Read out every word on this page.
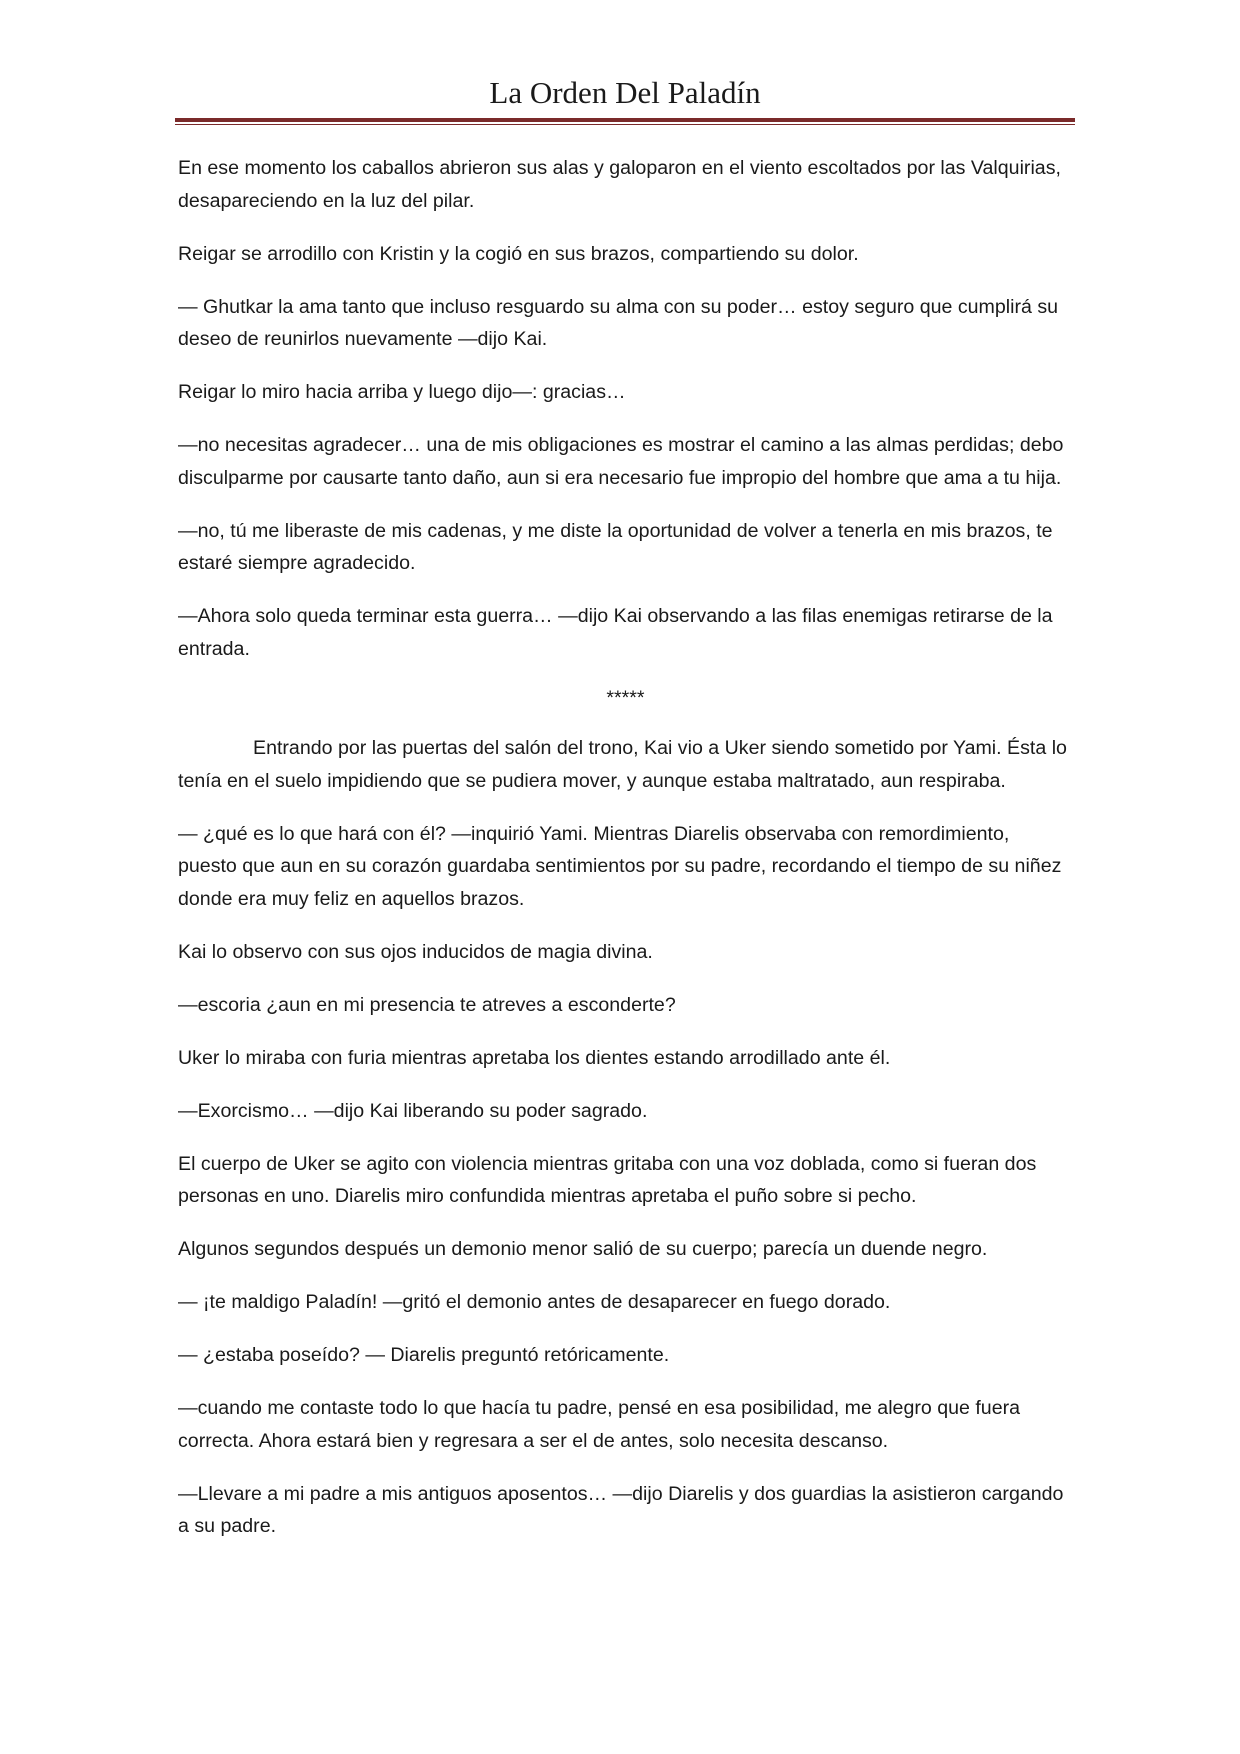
La Orden Del Paladín

En ese momento los caballos abrieron sus alas y galoparon en el viento escoltados por las Valquirias, desapareciendo en la luz del pilar.

Reigar se arrodillo con Kristin y la cogió en sus brazos, compartiendo su dolor.

— Ghutkar la ama tanto que incluso resguardo su alma con su poder… estoy seguro que cumplirá su deseo de reunirlos nuevamente —dijo Kai.

Reigar lo miro hacia arriba y luego dijo—: gracias…

—no necesitas agradecer… una de mis obligaciones es mostrar el camino a las almas perdidas; debo disculparme por causarte tanto daño, aun si era necesario fue impropio del hombre que ama a tu hija.

—no, tú me liberaste de mis cadenas, y me diste la oportunidad de volver a tenerla en mis brazos, te estaré siempre agradecido.

—Ahora solo queda terminar esta guerra… —dijo Kai observando a las filas enemigas retirarse de la entrada.

*****

Entrando por las puertas del salón del trono, Kai vio a Uker siendo sometido por Yami. Ésta lo tenía en el suelo impidiendo que se pudiera mover, y aunque estaba maltratado, aun respiraba.

— ¿qué es lo que hará con él? —inquirió Yami. Mientras Diarelis observaba con remordimiento, puesto que aun en su corazón guardaba sentimientos por su padre, recordando el tiempo de su niñez donde era muy feliz en aquellos brazos.

Kai lo observo con sus ojos inducidos de magia divina.

—escoria ¿aun en mi presencia te atreves a esconderte?

Uker lo miraba con furia mientras apretaba los dientes estando arrodillado ante él.

—Exorcismo… —dijo Kai liberando su poder sagrado.

El cuerpo de Uker se agito con violencia mientras gritaba con una voz doblada, como si fueran dos personas en uno. Diarelis miro confundida mientras apretaba el puño sobre si pecho.

Algunos segundos después un demonio menor salió de su cuerpo; parecía un duende negro.

— ¡te maldigo Paladín! —gritó el demonio antes de desaparecer en fuego dorado.

— ¿estaba poseído? — Diarelis preguntó retóricamente.

—cuando me contaste todo lo que hacía tu padre, pensé en esa posibilidad, me alegro que fuera correcta. Ahora estará bien y regresara a ser el de antes, solo necesita descanso.

—Llevare a mi padre a mis antiguos aposentos… —dijo Diarelis y dos guardias la asistieron cargando a su padre.
